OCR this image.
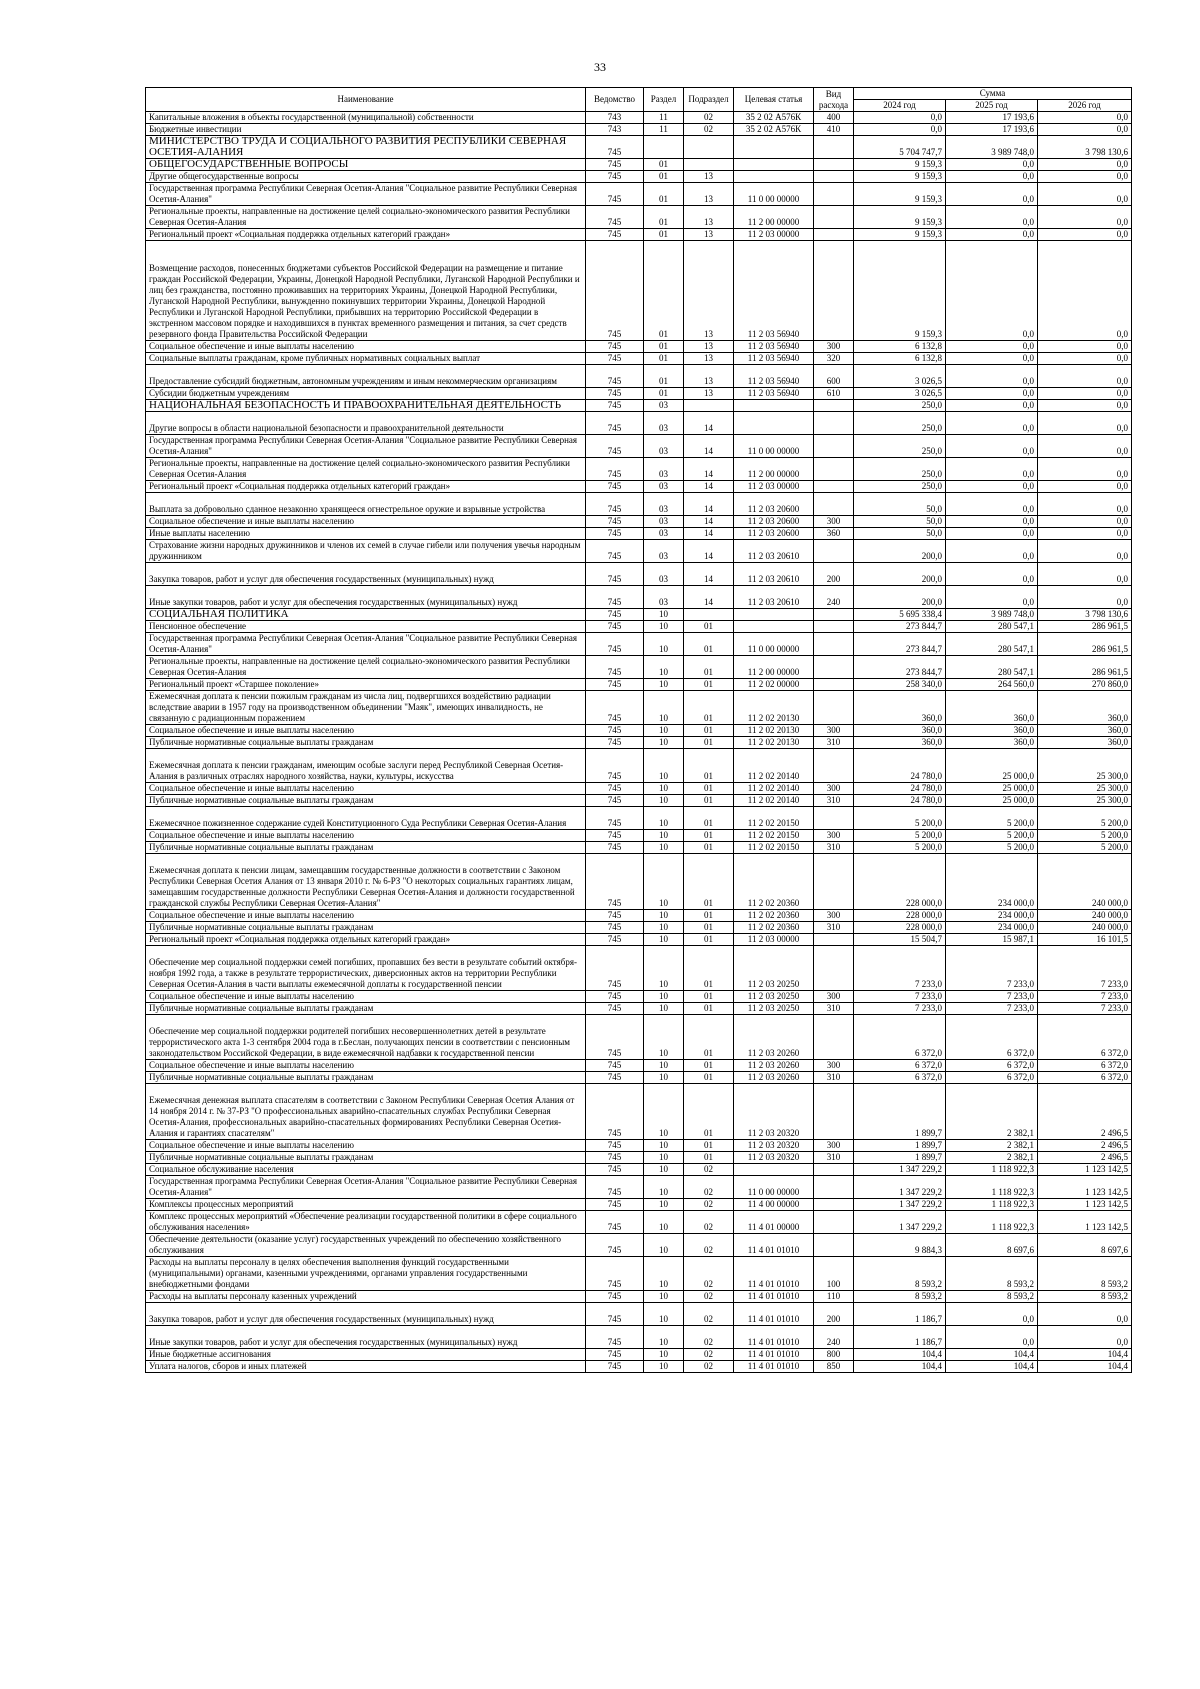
33
Наименование	Ведомство	Раздел	Подраздел	Целевая статья	Вид расхода	Сумма		
						2024 год	2025 год	2026 год
Капитальные вложения в объекты государственной (муниципальной) собственности	743	11	02	35 2 02 А576К	400	0,0	17 193,6	0,0
Бюджетные инвестиции	743	11	02	35 2 02 А576К	410	0,0	17 193,6	0,0
МИНИСТЕРСТВО ТРУДА И СОЦИАЛЬНОГО РАЗВИТИЯ РЕСПУБЛИКИ СЕВЕРНАЯ ОСЕТИЯ-АЛАНИЯ	745					5 704 747,7	3 989 748,0	3 798 130,6
ОБЩЕГОСУДАРСТВЕННЫЕ ВОПРОСЫ	745	01				9 159,3	0,0	0,0
Другие общегосударственные вопросы	745	01	13			9 159,3	0,0	0,0
Государственная программа Республики Северная Осетия-Алания "Социальное развитие Республики Северная Осетия-Алания"	745	01	13	11 0 00 00000		9 159,3	0,0	0,0
Региональные проекты, направленные на достижение целей социально-экономического развития Республики Северная Осетия-Алания	745	01	13	11 2 00 00000		9 159,3	0,0	0,0
Региональный проект «Социальная поддержка отдельных категорий граждан»	745	01	13	11 2 03 00000		9 159,3	0,0	0,0
Возмещение расходов, понесенных бюджетами субъектов Российской Федерации на размещение и питание граждан Российской Федерации, Украины, Донецкой Народной Республики, Луганской Народной Республики и лиц без гражданства, постоянно проживавших на территориях Украины, Донецкой Народной Республики, Луганской Народной Республики, вынужденно покинувших территории Украины, Донецкой Народной Республики и Луганской Народной Республики, прибывших на территорию Российской Федерации в экстренном массовом порядке и находившихся в пунктах временного размещения и питания, за счет средств резервного фонда Правительства Российской Федерации	745	01	13	11 2 03 56940		9 159,3	0,0	0,0
Социальное обеспечение и иные выплаты населению	745	01	13	11 2 03 56940	300	6 132,8	0,0	0,0
Социальные выплаты гражданам, кроме публичных нормативных социальных выплат	745	01	13	11 2 03 56940	320	6 132,8	0,0	0,0
Предоставление субсидий бюджетным, автономным учреждениям и иным некоммерческим организациям	745	01	13	11 2 03 56940	600	3 026,5	0,0	0,0
Субсидии бюджетным учреждениям	745	01	13	11 2 03 56940	610	3 026,5	0,0	0,0
НАЦИОНАЛЬНАЯ БЕЗОПАСНОСТЬ И ПРАВООХРАНИТЕЛЬНАЯ ДЕЯТЕЛЬНОСТЬ	745	03				250,0	0,0	0,0
Другие вопросы в области национальной безопасности и правоохранительной деятельности	745	03	14			250,0	0,0	0,0
Государственная программа Республики Северная Осетия-Алания "Социальное развитие Республики Северная Осетия-Алания"	745	03	14	11 0 00 00000		250,0	0,0	0,0
Региональные проекты, направленные на достижение целей социально-экономического развития Республики Северная Осетия-Алания	745	03	14	11 2 00 00000		250,0	0,0	0,0
Региональный проект «Социальная поддержка отдельных категорий граждан»	745	03	14	11 2 03 00000		250,0	0,0	0,0
Выплата за добровольно сданное незаконно хранящееся огнестрельное оружие и взрывные устройства	745	03	14	11 2 03 20600		50,0	0,0	0,0
Социальное обеспечение и иные выплаты населению	745	03	14	11 2 03 20600	300	50,0	0,0	0,0
Иные выплаты населению	745	03	14	11 2 03 20600	360	50,0	0,0	0,0
Страхование жизни народных дружинников и членов их семей в случае гибели или получения увечья народным дружинником	745	03	14	11 2 03 20610		200,0	0,0	0,0
Закупка товаров, работ и услуг для обеспечения государственных (муниципальных) нужд	745	03	14	11 2 03 20610	200	200,0	0,0	0,0
Иные закупки товаров, работ и услуг для обеспечения государственных (муниципальных) нужд	745	03	14	11 2 03 20610	240	200,0	0,0	0,0
СОЦИАЛЬНАЯ ПОЛИТИКА	745	10				5 695 338,4	3 989 748,0	3 798 130,6
Пенсионное обеспечение	745	10	01			273 844,7	280 547,1	286 961,5
Государственная программа Республики Северная Осетия-Алания "Социальное развитие Республики Северная Осетия-Алания"	745	10	01	11 0 00 00000		273 844,7	280 547,1	286 961,5
Региональные проекты, направленные на достижение целей социально-экономического развития Республики Северная Осетия-Алания	745	10	01	11 2 00 00000		273 844,7	280 547,1	286 961,5
Региональный проект «Старшее поколение»	745	10	01	11 2 02 00000		258 340,0	264 560,0	270 860,0
Ежемесячная доплата к пенсии пожилым гражданам из числа лиц, подвергшихся воздействию радиации вследствие аварии в 1957 году на производственном объединении "Маяк", имеющих инвалидность, не связанную с радиационным поражением	745	10	01	11 2 02 20130		360,0	360,0	360,0
Социальное обеспечение и иные выплаты населению	745	10	01	11 2 02 20130	300	360,0	360,0	360,0
Публичные нормативные социальные выплаты гражданам	745	10	01	11 2 02 20130	310	360,0	360,0	360,0
Ежемесячная доплата к пенсии гражданам, имеющим особые заслуги перед Республикой Северная Осетия-Алания в различных отраслях народного хозяйства, науки, культуры, искусства	745	10	01	11 2 02 20140		24 780,0	25 000,0	25 300,0
Социальное обеспечение и иные выплаты населению	745	10	01	11 2 02 20140	300	24 780,0	25 000,0	25 300,0
Публичные нормативные социальные выплаты гражданам	745	10	01	11 2 02 20140	310	24 780,0	25 000,0	25 300,0
Ежемесячное пожизненное содержание судей Конституционного Суда Республики Северная Осетия-Алания	745	10	01	11 2 02 20150		5 200,0	5 200,0	5 200,0
Социальное обеспечение и иные выплаты населению	745	10	01	11 2 02 20150	300	5 200,0	5 200,0	5 200,0
Публичные нормативные социальные выплаты гражданам	745	10	01	11 2 02 20150	310	5 200,0	5 200,0	5 200,0
Ежемесячная доплата к пенсии лицам, замещавшим государственные должности в соответствии с Законом Республики Северная Осетия Алания от 13 января 2010 г. № 6-РЗ "О некоторых социальных гарантиях лицам, замещавшим государственные должности Республики Северная Осетия-Алания и должности государственной гражданской службы Республики Северная Осетия-Алания"	745	10	01	11 2 02 20360		228 000,0	234 000,0	240 000,0
Социальное обеспечение и иные выплаты населению	745	10	01	11 2 02 20360	300	228 000,0	234 000,0	240 000,0
Публичные нормативные социальные выплаты гражданам	745	10	01	11 2 02 20360	310	228 000,0	234 000,0	240 000,0
Региональный проект «Социальная поддержка отдельных категорий граждан»	745	10	01	11 2 03 00000		15 504,7	15 987,1	16 101,5
Обеспечение мер социальной поддержки семей погибших, пропавших без вести в результате событий октября-ноября 1992 года, а также в результате террористических, диверсионных актов на территории Республики Северная Осетия-Алания в части выплаты ежемесячной доплаты к государственной пенсии	745	10	01	11 2 03 20250		7 233,0	7 233,0	7 233,0
Социальное обеспечение и иные выплаты населению	745	10	01	11 2 03 20250	300	7 233,0	7 233,0	7 233,0
Публичные нормативные социальные выплаты гражданам	745	10	01	11 2 03 20250	310	7 233,0	7 233,0	7 233,0
Обеспечение мер социальной поддержки родителей погибших несовершеннолетних детей в результате террористического акта 1-3 сентября 2004 года в г.Беслан, получающих пенсии в соответствии с пенсионным законодательством Российской Федерации, в виде ежемесячной надбавки к государственной пенсии	745	10	01	11 2 03 20260		6 372,0	6 372,0	6 372,0
Социальное обеспечение и иные выплаты населению	745	10	01	11 2 03 20260	300	6 372,0	6 372,0	6 372,0
Публичные нормативные социальные выплаты гражданам	745	10	01	11 2 03 20260	310	6 372,0	6 372,0	6 372,0
Ежемесячная денежная выплата спасателям в соответствии с Законом Республики Северная Осетия Алания от 14 ноября 2014 г. № 37-РЗ "О профессиональных аварийно-спасательных службах Республики Северная Осетия-Алания, профессиональных аварийно-спасательных формированиях Республики Северная Осетия-Алания и гарантиях спасателям"	745	10	01	11 2 03 20320		1 899,7	2 382,1	2 496,5
Социальное обеспечение и иные выплаты населению	745	10	01	11 2 03 20320	300	1 899,7	2 382,1	2 496,5
Публичные нормативные социальные выплаты гражданам	745	10	01	11 2 03 20320	310	1 899,7	2 382,1	2 496,5
Социальное обслуживание населения	745	10	02			1 347 229,2	1 118 922,3	1 123 142,5
Государственная программа Республики Северная Осетия-Алания "Социальное развитие Республики Северная Осетия-Алания"	745	10	02	11 0 00 00000		1 347 229,2	1 118 922,3	1 123 142,5
Комплексы процессных мероприятий	745	10	02	11 4 00 00000		1 347 229,2	1 118 922,3	1 123 142,5
Комплекс процессных мероприятий «Обеспечение реализации государственной политики в сфере социального обслуживания населения»	745	10	02	11 4 01 00000		1 347 229,2	1 118 922,3	1 123 142,5
Обеспечение деятельности (оказание услуг) государственных учреждений по обеспечению хозяйственного обслуживания	745	10	02	11 4 01 01010		9 884,3	8 697,6	8 697,6
Расходы на выплаты персоналу в целях обеспечения выполнения функций государственными (муниципальными) органами, казенными учреждениями, органами управления государственными внебюджетными фондами	745	10	02	11 4 01 01010	100	8 593,2	8 593,2	8 593,2
Расходы на выплаты персоналу казенных учреждений	745	10	02	11 4 01 01010	110	8 593,2	8 593,2	8 593,2
Закупка товаров, работ и услуг для обеспечения государственных (муниципальных) нужд	745	10	02	11 4 01 01010	200	1 186,7	0,0	0,0
Иные закупки товаров, работ и услуг для обеспечения государственных (муниципальных) нужд	745	10	02	11 4 01 01010	240	1 186,7	0,0	0,0
Иные бюджетные ассигнования	745	10	02	11 4 01 01010	800	104,4	104,4	104,4
Уплата налогов, сборов и иных платежей	745	10	02	11 4 01 01010	850	104,4	104,4	104,4
